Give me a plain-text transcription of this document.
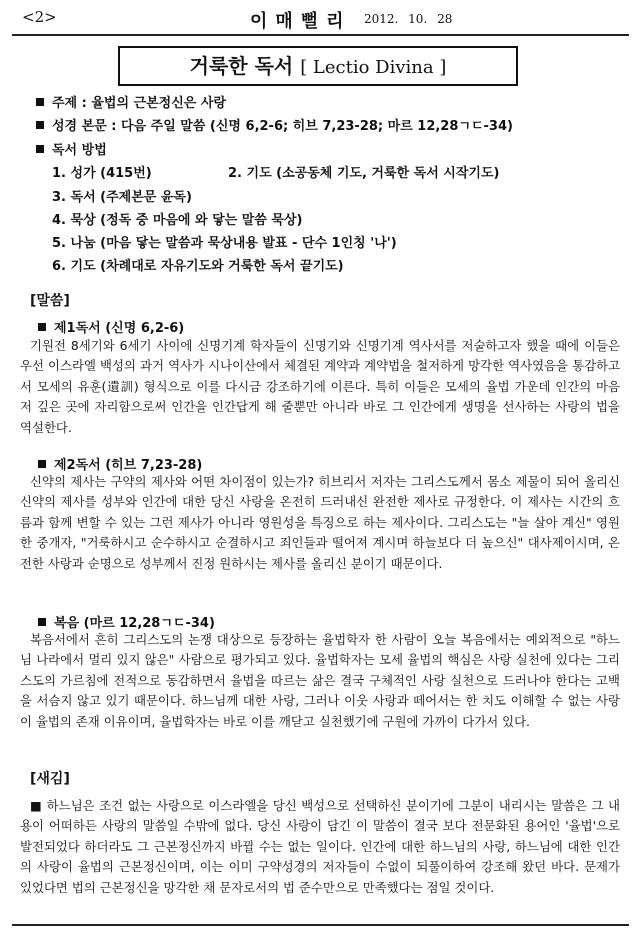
<2>	이매뻘리 2012. 10. 28
거룩한 독서 [ Lectio Divina ]
주제 : 율법의 근본정신은 사랑
성경 본문 : 다음 주일 말씀 (신명 6,2-6; 히브 7,23-28; 마르 12,28ㄱㄷ-34)
독서 방법
1. 성가 (415번)	2. 기도 (소공동체 기도, 거룩한 독서 시작기도)
3. 독서 (주제본문 윤독)
4. 묵상 (정독 중 마음에 와 닿는 말씀 묵상)
5. 나눔 (마음 닿는 말씀과 묵상내용 발표 - 단수 1인칭 '나')
6. 기도 (차례대로 자유기도와 거룩한 독서 끝기도)
[말씀]
제1독서 (신명 6,2-6)
기원전 8세기와 6세기 사이에 신명기계 학자들이 신명기와 신명기계 역사서를 저술하고자 했을 때에 이들은 우선 이스라엘 백성의 과거 역사가 시나이산에서 체결된 계약과 계약법을 철저하게 망각한 역사였음을 통감하고서 모세의 유훈(遺訓) 형식으로 이를 다시금 강조하기에 이른다. 특히 이들은 모세의 율법 가운데 인간의 마음 저 깊은 곳에 자리함으로써 인간을 인간답게 해 줄뿐만 아니라 바로 그 인간에게 생명을 선사하는 사랑의 법을 역설한다.
제2독서 (히브 7,23-28)
신약의 제사는 구약의 제사와 어떤 차이점이 있는가? 히브리서 저자는 그리스도께서 몸소 제물이 되어 올리신 신약의 제사를 성부와 인간에 대한 당신 사랑을 온전히 드러내신 완전한 제사로 규정한다. 이 제사는 시간의 흐름과 함께 변할 수 있는 그런 제사가 아니라 영원성을 특징으로 하는 제사이다. 그리스도는 "늘 살아 계신" 영원한 중개자, "거룩하시고 순수하시고 순결하시고 죄인들과 떨어져 계시며 하늘보다 더 높으신" 대사제이시며, 온전한 사랑과 순명으로 성부께서 진정 원하시는 제사를 올리신 분이기 때문이다.
복음 (마르 12,28ㄱㄷ-34)
복음서에서 흔히 그리스도의 논쟁 대상으로 등장하는 율법학자 한 사람이 오늘 복음에서는 예외적으로 "하느님 나라에서 멀리 있지 않은" 사람으로 평가되고 있다. 율법학자는 모세 율법의 핵심은 사랑 실천에 있다는 그리스도의 가르침에 전적으로 동감하면서 율법을 따르는 삶은 결국 구체적인 사랑 실천으로 드러나야 한다는 고백을 서슴지 않고 있기 때문이다. 하느님께 대한 사랑, 그러나 이웃 사랑과 떼어서는 한 치도 이해할 수 없는 사랑이 율법의 존재 이유이며, 율법학자는 바로 이를 깨닫고 실천했기에 구원에 가까이 다가서 있다.
[새김]
■ 하느님은 조건 없는 사랑으로 이스라엘을 당신 백성으로 선택하신 분이기에 그분이 내리시는 말씀은 그 내용이 어떠하든 사랑의 말씀일 수밖에 없다. 당신 사랑이 담긴 이 말씀이 결국 보다 전문화된 용어인 '율법'으로 발전되었다 하더라도 그 근본정신까지 바뀔 수는 없는 일이다. 인간에 대한 하느님의 사랑, 하느님에 대한 인간의 사랑이 율법의 근본정신이며, 이는 이미 구약성경의 저자들이 수없이 되풀이하여 강조해 왔던 바다. 문제가 있었다면 법의 근본정신을 망각한 채 문자로서의 법 준수만으로 만족했다는 점일 것이다.
